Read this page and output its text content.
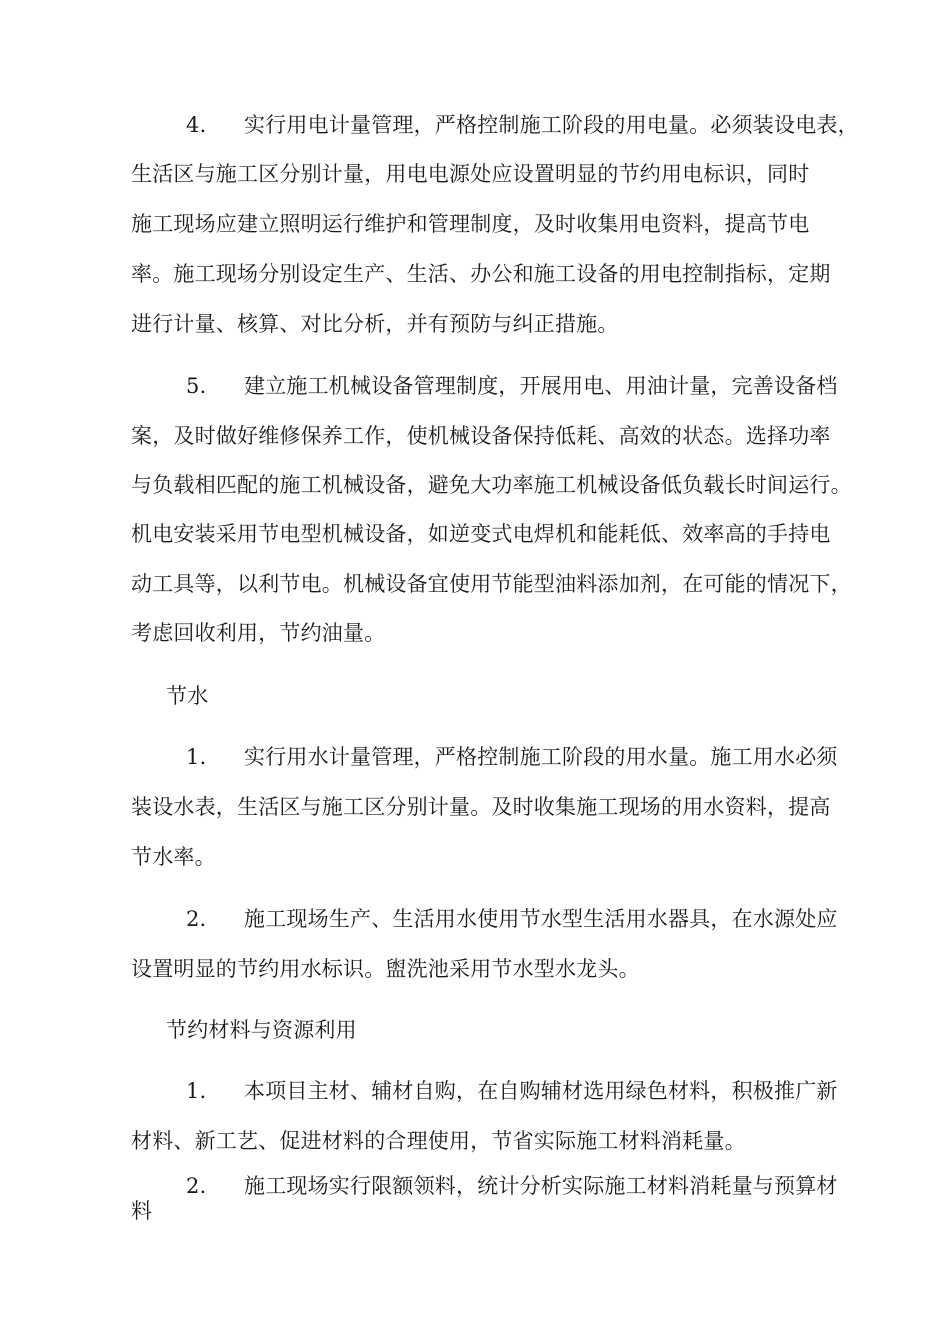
4. 实行用电计量管理，严格控制施工阶段的用电量。必须装设电表，
生活区与施工区分别计量，用电电源处应设置明显的节约用电标识，同时
施工现场应建立照明运行维护和管理制度，及时收集用电资料，提高节电
率。施工现场分别设定生产、生活、办公和施工设备的用电控制指标，定期
进行计量、核算、对比分析，并有预防与纠正措施。
5. 建立施工机械设备管理制度，开展用电、用油计量，完善设备档
案，及时做好维修保养工作，使机械设备保持低耗、高效的状态。选择功率
与负载相匹配的施工机械设备，避免大功率施工机械设备低负载长时间运行。
机电安装采用节电型机械设备，如逆变式电焊机和能耗低、效率高的手持电
动工具等，以利节电。机械设备宜使用节能型油料添加剂，在可能的情况下，
考虑回收利用，节约油量。
节水
1. 实行用水计量管理，严格控制施工阶段的用水量。施工用水必须
装设水表，生活区与施工区分别计量。及时收集施工现场的用水资料，提高
节水率。
2. 施工现场生产、生活用水使用节水型生活用水器具，在水源处应
设置明显的节约用水标识。盥洗池采用节水型水龙头。
节约材料与资源利用
1. 本项目主材、辅材自购，在自购辅材选用绿色材料，积极推广新
材料、新工艺、促进材料的合理使用，节省实际施工材料消耗量。
2. 施工现场实行限额领料，统计分析实际施工材料消耗量与预算材
料
